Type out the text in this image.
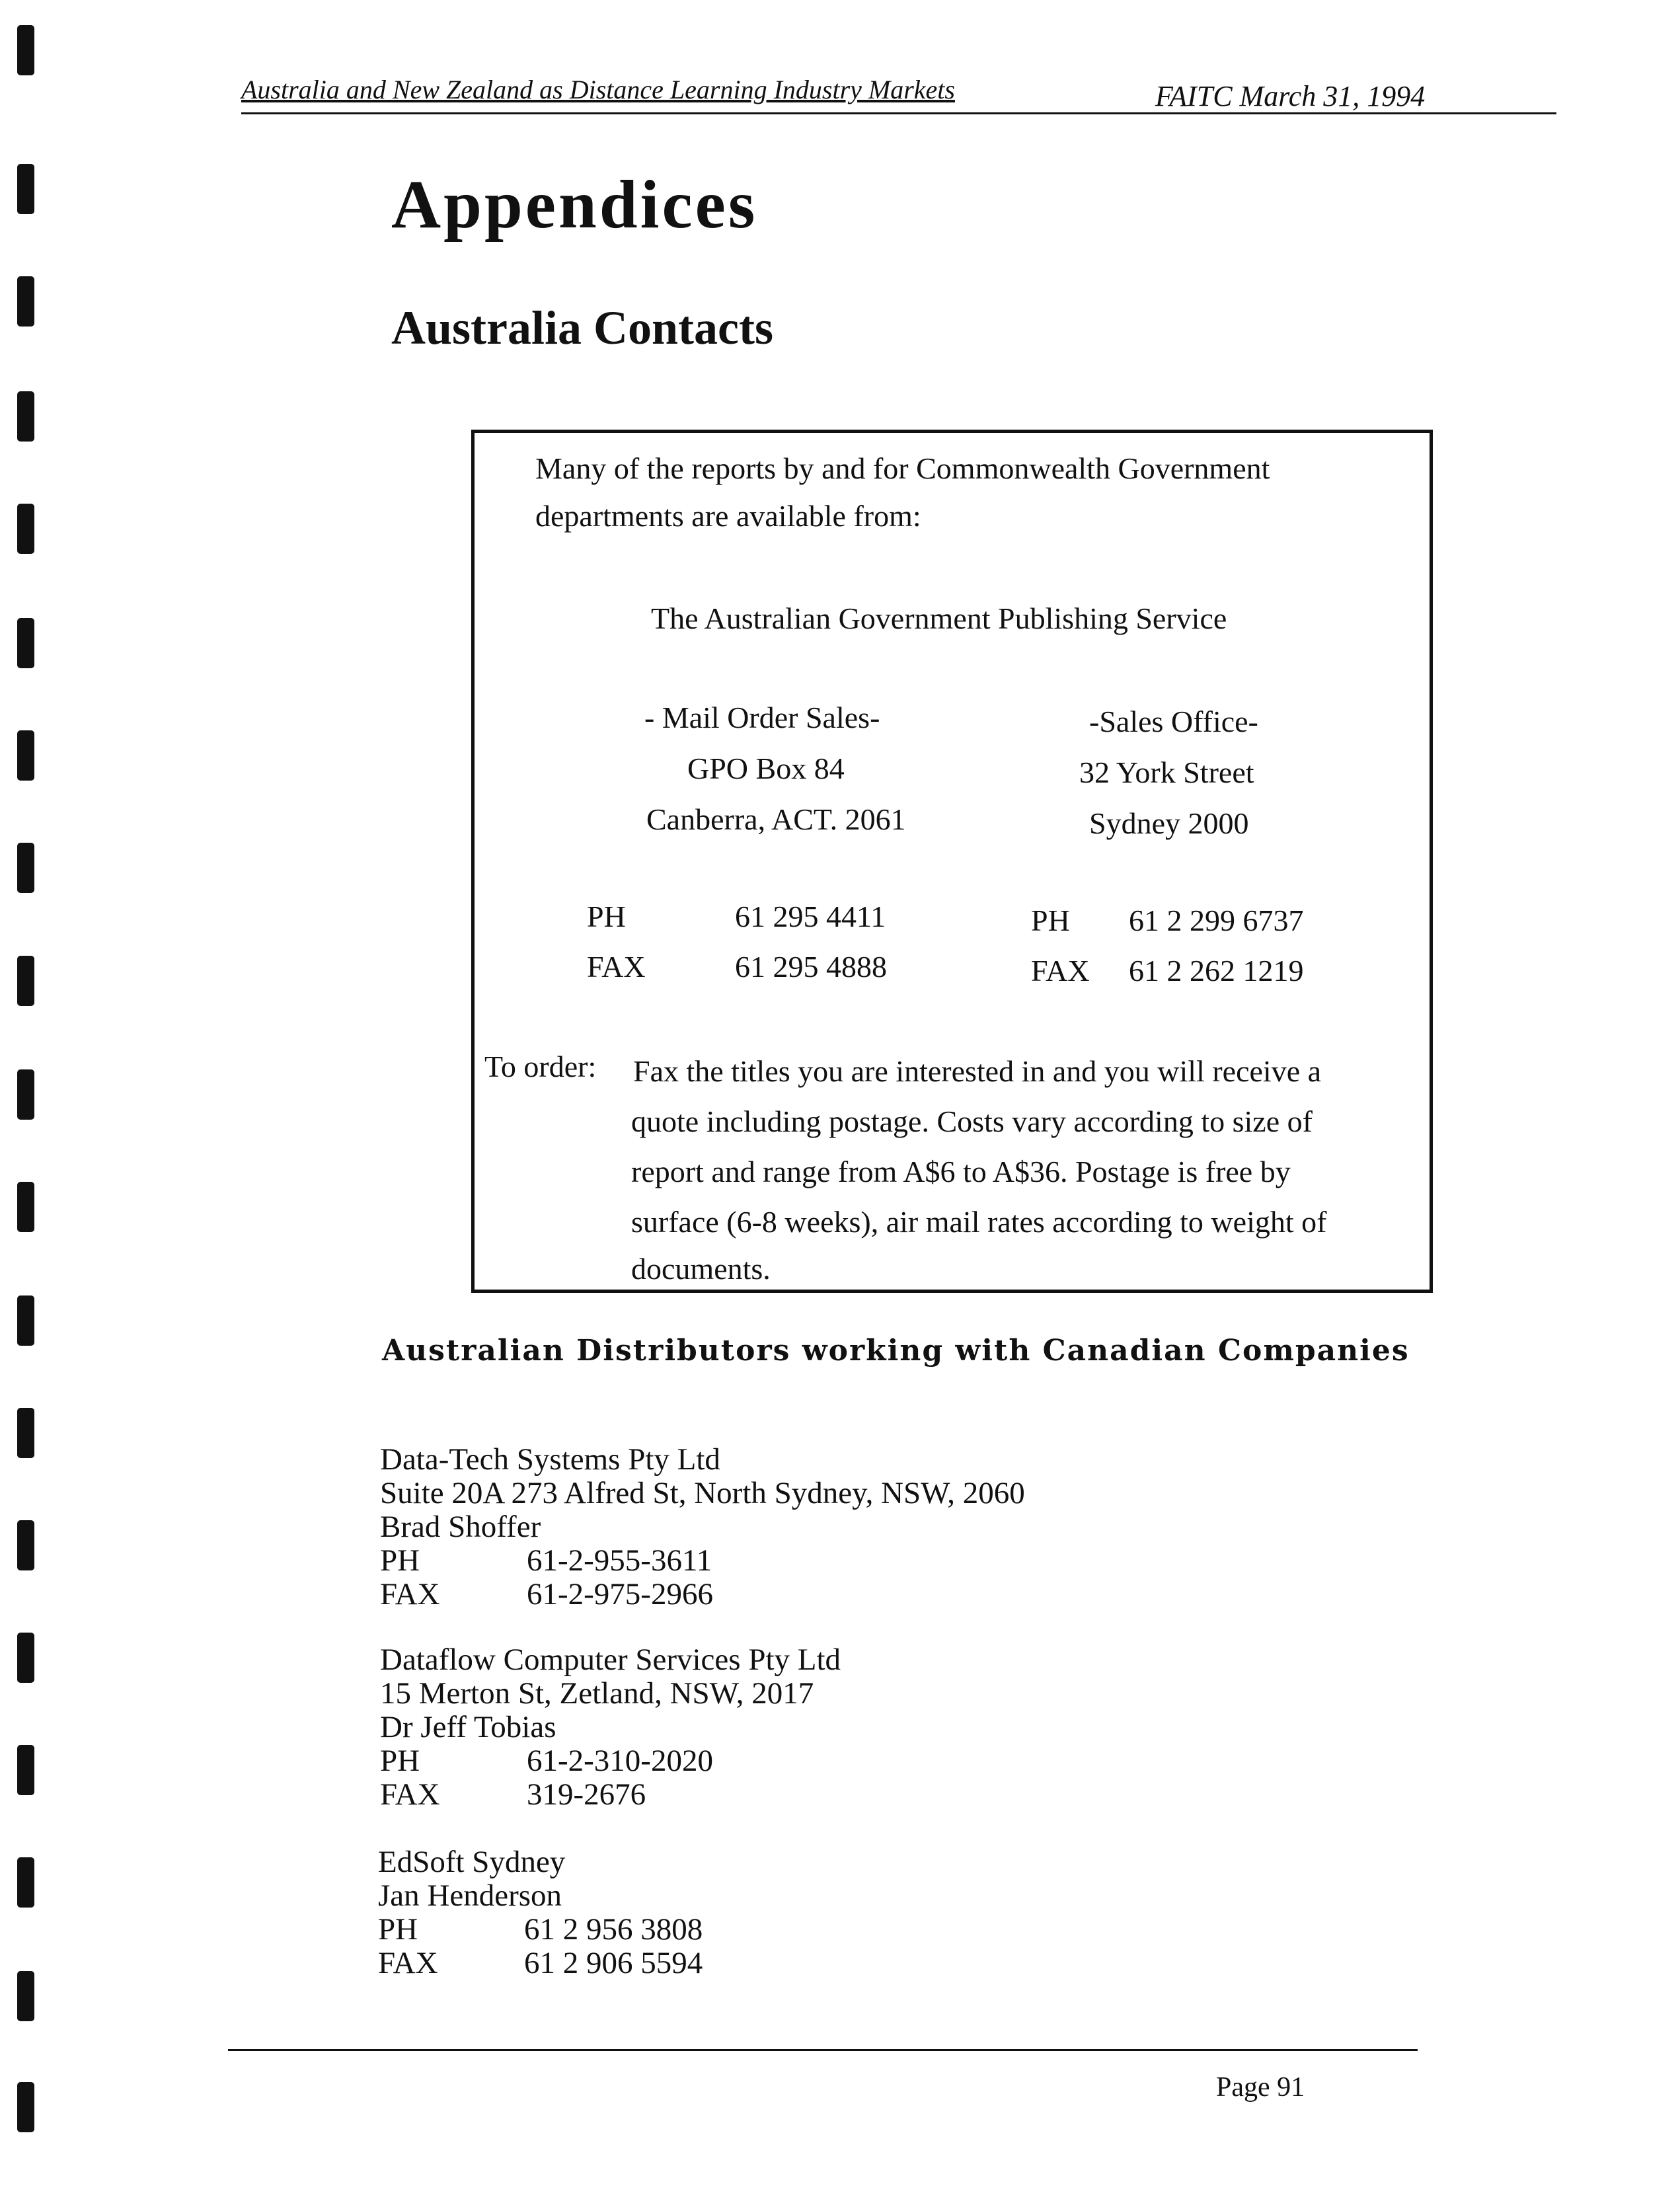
Australia and New Zealand as Distance Learning Industry Markets	FAITC March 31, 1994
Appendices
Australia Contacts
Many of the reports by and for Commonwealth Government
departments are available from:
The Australian Government Publishing Service
- Mail Order Sales-
GPO Box 84
Canberra, ACT. 2061
-Sales Office-
32 York Street
Sydney 2000
PH	61 295 4411
FAX	61 295 4888
PH 61 2 299 6737
FAX 61 2 262 1219
To order: Fax the titles you are interested in and you will receive a
quote including postage. Costs vary according to size of
report and range from A$6 to A$36. Postage is free by
surface (6-8 weeks), air mail rates according to weight of
documents.
Australian Distributors working with Canadian Companies
Data-Tech Systems Pty Ltd
Suite 20A 273 Alfred St, North Sydney, NSW, 2060
Brad Shoffer
PH	61-2-955-3611
FAX	61-2-975-2966
Dataflow Computer Services Pty Ltd
15 Merton St, Zetland, NSW, 2017
Dr Jeff Tobias
PH	61-2-310-2020
FAX	319-2676
EdSoft Sydney
Jan Henderson
PH	61 2 956 3808
FAX	61 2 906 5594
Page 91
